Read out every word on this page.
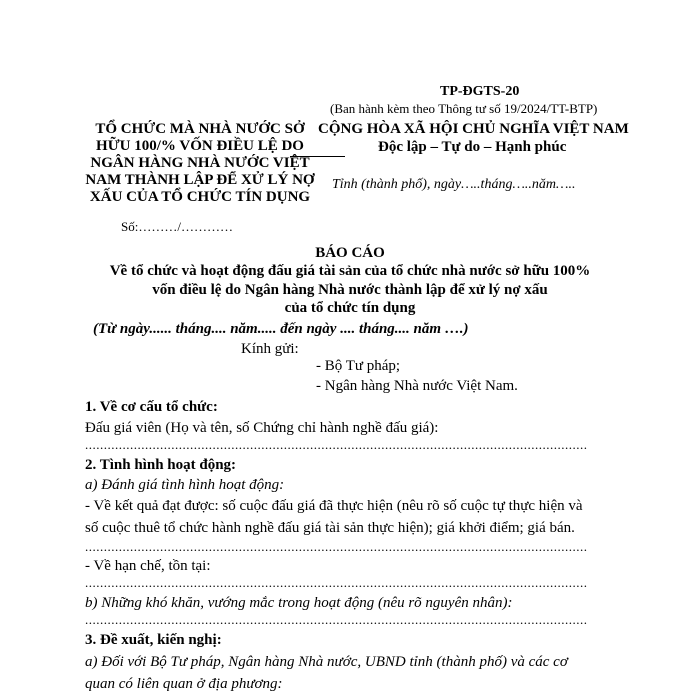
TP-ĐGTS-20
(Ban hành kèm theo Thông tư số 19/2024/TT-BTP)
TỔ CHỨC MÀ NHÀ NƯỚC SỞ
HỮU 100/% VỐN ĐIỀU LỆ DO
NGÂN HÀNG NHÀ NƯỚC VIỆT
NAM THÀNH LẬP ĐỂ XỬ LÝ NỢ
XẤU CỦA TỔ CHỨC TÍN DỤNG
CỘNG HÒA XÃ HỘI CHỦ NGHĨA VIỆT NAM
Độc lập – Tự do – Hạnh phúc
Tỉnh (thành phố), ngày…..tháng…..năm…..
Số:………/…………
BÁO CÁO
Về tổ chức và hoạt động đấu giá tài sản của tổ chức nhà nước sở hữu 100%
vốn điều lệ do Ngân hàng Nhà nước thành lập để xử lý nợ xấu
của tổ chức tín dụng
(Từ ngày...... tháng.... năm..... đến ngày .... tháng.... năm ….)
Kính gửi:
- Bộ Tư pháp;
- Ngân hàng Nhà nước Việt Nam.
1. Về cơ cấu tổ chức:
Đấu giá viên (Họ và tên, số Chứng chỉ hành nghề đấu giá):
......................................................................................................................................
2. Tình hình hoạt động:
a) Đánh giá tình hình hoạt động:
- Về kết quả đạt được: số cuộc đấu giá đã thực hiện (nêu rõ số cuộc tự thực hiện và
số cuộc thuê tổ chức hành nghề đấu giá tài sản thực hiện); giá khởi điểm; giá bán.
......................................................................................................................................
- Về hạn chế, tồn tại:
......................................................................................................................................
b) Những khó khăn, vướng mắc trong hoạt động (nêu rõ nguyên nhân):
......................................................................................................................................
3. Đề xuất, kiến nghị:
a) Đối với Bộ Tư pháp, Ngân hàng Nhà nước, UBND tỉnh (thành phố) và các cơ
quan có liên quan ở địa phương:
